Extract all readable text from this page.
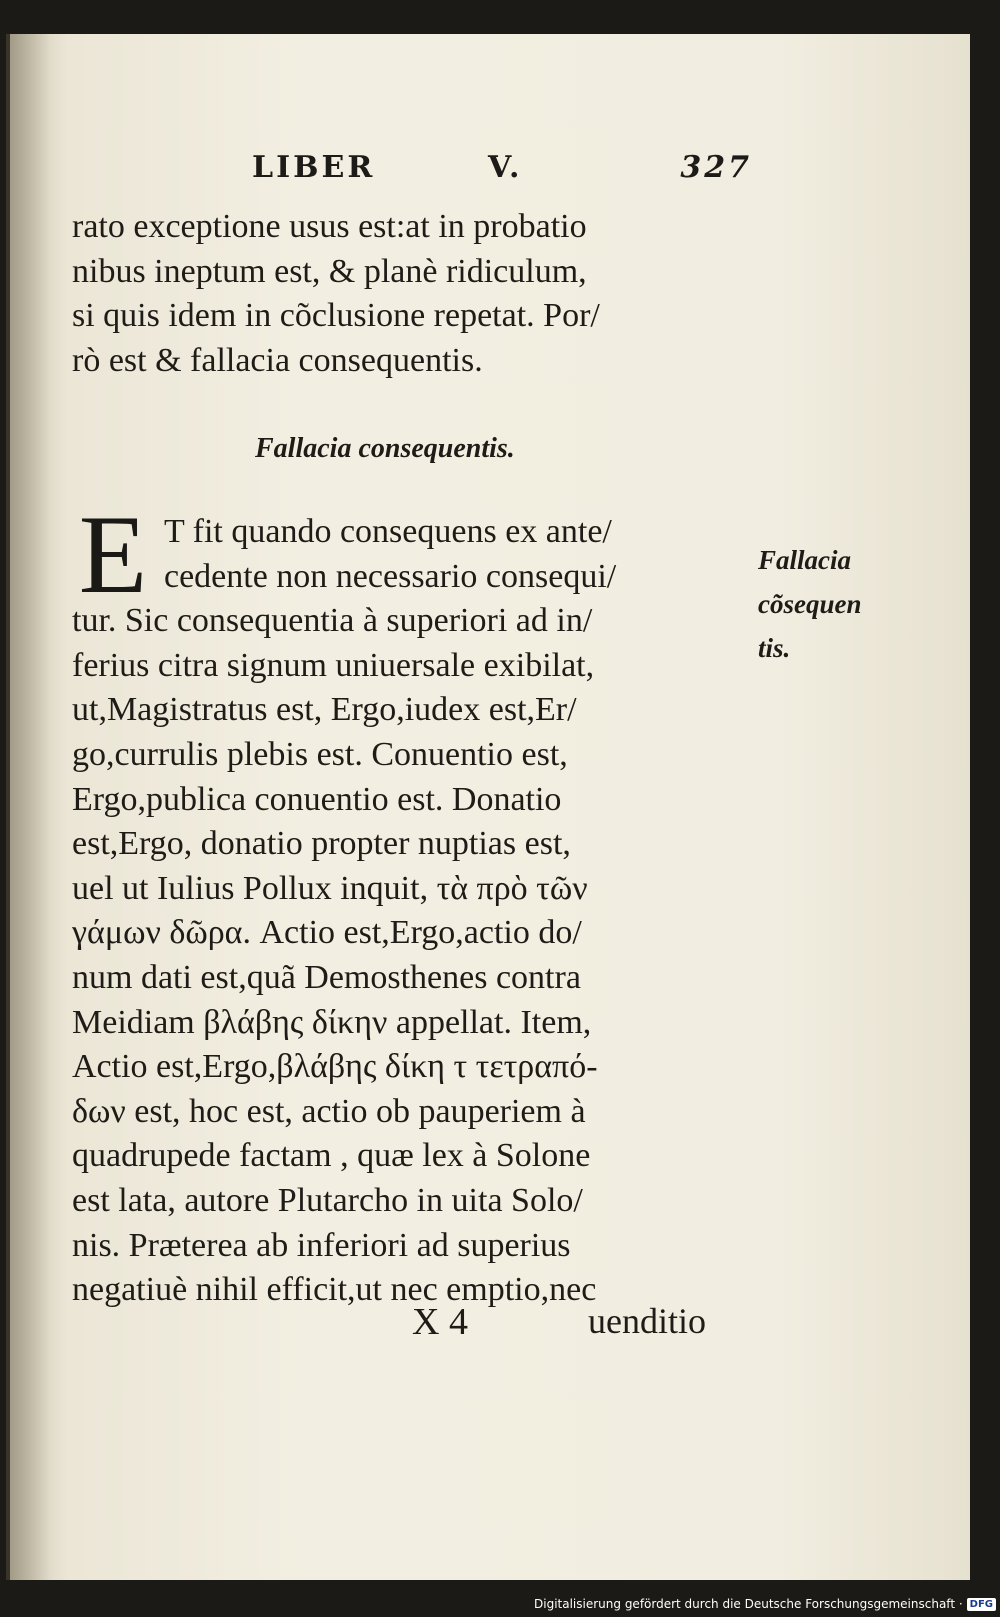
LIBER	V.	327
rato exceptione usus est:at in probatio
nibus ineptum est, & planè ridiculum,
si quis idem in cõclusione repetat. Por/
rò est & fallacia consequentis.
Fallacia consequentis.
E T fit quando consequens ex ante/
cedente non necessario consequi/
tur. Sic consequentia à superiori ad in/
ferius citra signum uniuersale exibilat,
ut,Magistratus est, Ergo,iudex est,Er/
go,currulis plebis est. Conuentio est,
Ergo,publica conuentio est. Donatio
est,Ergo, donatio propter nuptias est,
uel ut Iulius Pollux inquit, τὰ πρὸ τῶν
γάμων δῶρα. Actio est,Ergo,actio do/
num dati est,quã Demosthenes contra
Meidiam βλάβης δίκην appellat. Item,
Actio est,Ergo,βλάβης δίκη τ τετραπό-
δων est, hoc est, actio ob pauperiem à
quadrupede factam , quæ lex à Solone
est lata, autore Plutarcho in uita Solo/
nis. Præterea ab inferiori ad superius
negatiuè nihil efficit,ut nec emptio,nec
Fallacia
cõsequen
tis.
X 4	uenditio
Digitalisierung gefördert durch die Deutsche Forschungsgemeinschaft · DFG
